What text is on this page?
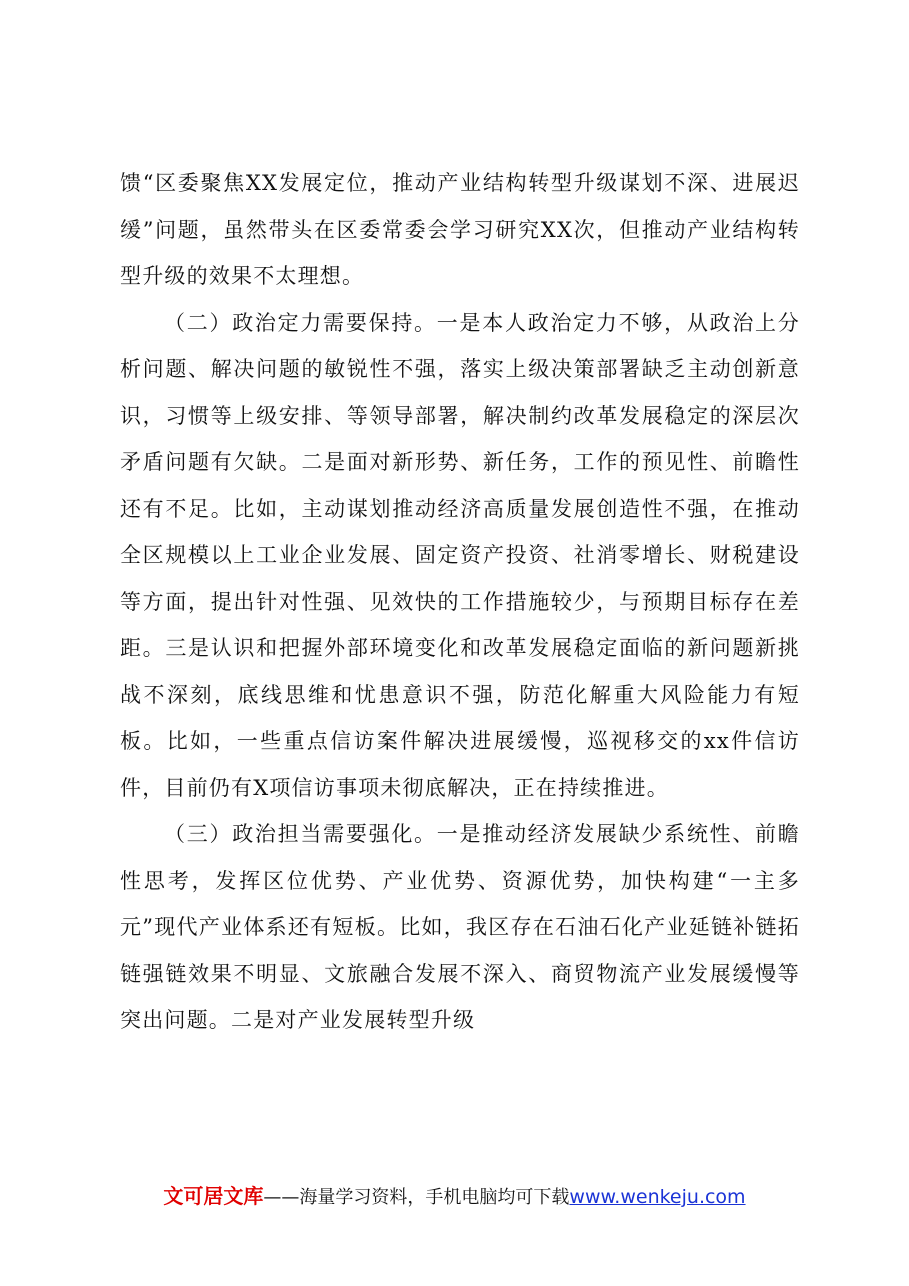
馈“区委聚焦XX发展定位，推动产业结构转型升级谋划不深、进展迟缓”问题，虽然带头在区委常委会学习研究XX次，但推动产业结构转型升级的效果不太理想。

（二）政治定力需要保持。一是本人政治定力不够，从政治上分析问题、解决问题的敏锐性不强，落实上级决策部署缺乏主动创新意识，习惯等上级安排、等领导部署，解决制约改革发展稳定的深层次矛盾问题有欠缺。二是面对新形势、新任务，工作的预见性、前瞻性还有不足。比如，主动谋划推动经济高质量发展创造性不强，在推动全区规模以上工业企业发展、固定资产投资、社消零增长、财税建设等方面，提出针对性强、见效快的工作措施较少，与预期目标存在差距。三是认识和把握外部环境变化和改革发展稳定面临的新问题新挑战不深刻，底线思维和忧患意识不强，防范化解重大风险能力有短板。比如，一些重点信访案件解决进展缓慢，巡视移交的xx件信访件，目前仍有X项信访事项未彻底解决，正在持续推进。

（三）政治担当需要强化。一是推动经济发展缺少系统性、前瞻性思考，发挥区位优势、产业优势、资源优势，加快构建“一主多元”现代产业体系还有短板。比如，我区存在石油石化产业延链补链拓链强链效果不明显、文旅融合发展不深入、商贸物流产业发展缓慢等突出问题。二是对产业发展转型升级

文可居文库——海量学习资料，手机电脑均可下载www.wenkeju.com
